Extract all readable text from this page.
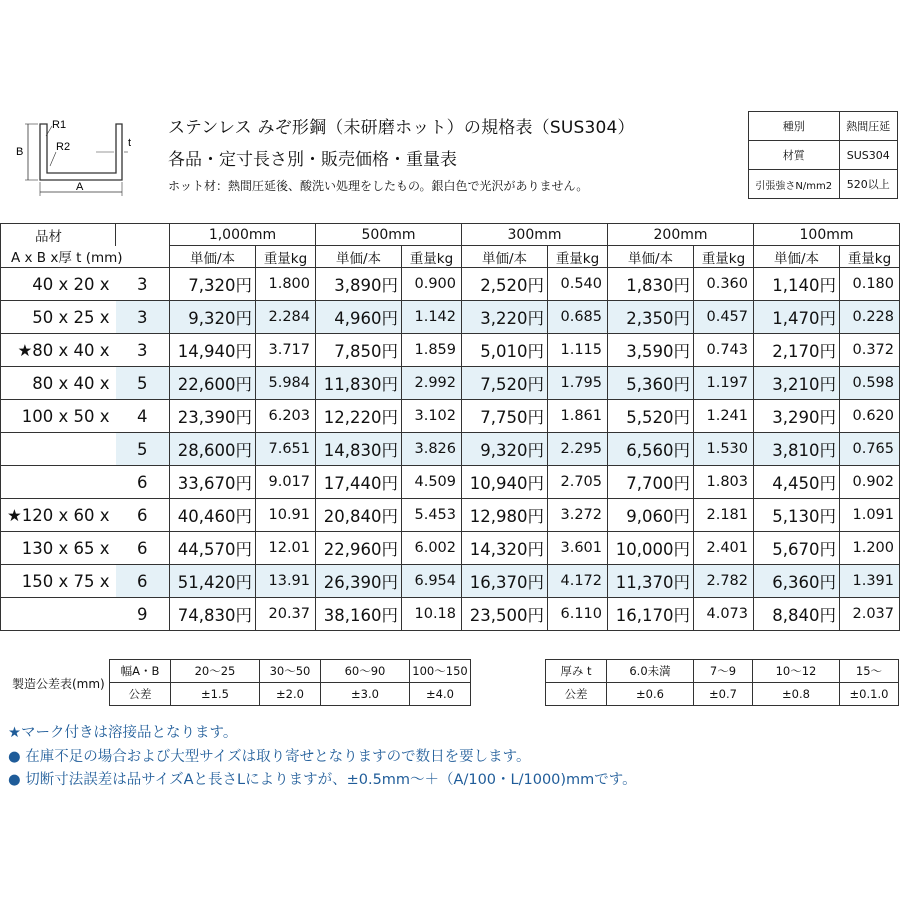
B
A
R1
R2	t
ステンレス みぞ形鋼（未研磨ホット）の規格表（SUS304）
各品・定寸長さ別・販売価格・重量表
ホット材：熱間圧延後、酸洗い処理をしたもの。銀白色で光沢がありません。
種別	熱間圧延
材質	SUS304
引張強さN/mm2	520以上
品材		1,000mm		500mm		300mm		200mm		100mm	
A x B x厚 t (mm)		単価/本	重量kg	単価/本	重量kg	単価/本	重量kg	単価/本	重量kg	単価/本	重量kg
40 x 20 x	3	7,320円	1.800	3,890円	0.900	2,520円	0.540	1,830円	0.360	1,140円	0.180
50 x 25 x	3	9,320円	2.284	4,960円	1.142	3,220円	0.685	2,350円	0.457	1,470円	0.228
★80 x 40 x	3	14,940円	3.717	7,850円	1.859	5,010円	1.115	3,590円	0.743	2,170円	0.372
80 x 40 x	5	22,600円	5.984	11,830円	2.992	7,520円	1.795	5,360円	1.197	3,210円	0.598
100 x 50 x	4	23,390円	6.203	12,220円	3.102	7,750円	1.861	5,520円	1.241	3,290円	0.620
	5	28,600円	7.651	14,830円	3.826	9,320円	2.295	6,560円	1.530	3,810円	0.765
	6	33,670円	9.017	17,440円	4.509	10,940円	2.705	7,700円	1.803	4,450円	0.902
★120 x 60 x	6	40,460円	10.91	20,840円	5.453	12,980円	3.272	9,060円	2.181	5,130円	1.091
130 x 65 x	6	44,570円	12.01	22,960円	6.002	14,320円	3.601	10,000円	2.401	5,670円	1.200
150 x 75 x	6	51,420円	13.91	26,390円	6.954	16,370円	4.172	11,370円	2.782	6,360円	1.391
	9	74,830円	20.37	38,160円	10.18	23,500円	6.110	16,170円	4.073	8,840円	2.037
製造公差表(mm)
幅A・B	20〜25	30〜50	60〜90	100〜150
公差	±1.5	±2.0	±3.0	±4.0
厚み t	6.0未満	7〜9	10〜12	15〜
公差	±0.6	±0.7	±0.8	±0.1.0
★マーク付きは溶接品となります。
● 在庫不足の場合および大型サイズは取り寄せとなりますので数日を要します。
● 切断寸法誤差は品サイズAと長さLによりますが、±0.5mm〜＋（A/100・L/1000)mmです。
